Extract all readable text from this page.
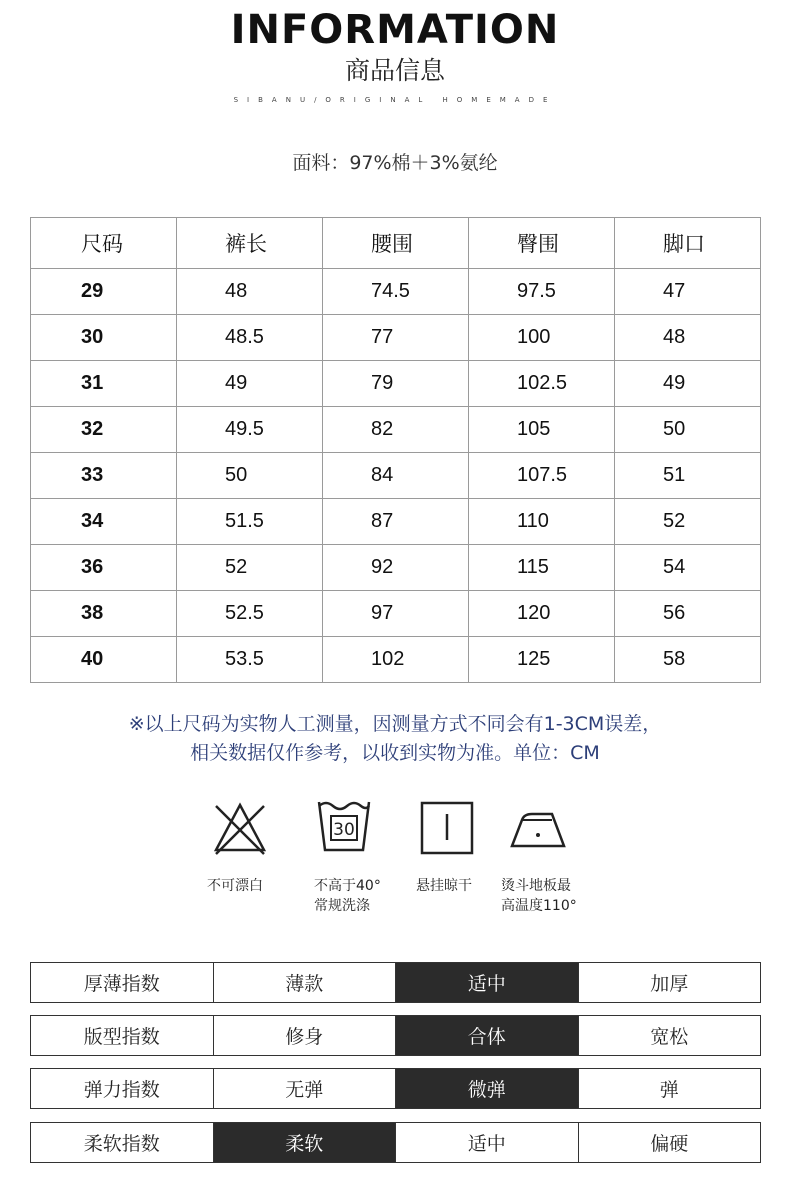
INFORMATION
商品信息
SIBANU/ORIGINAL HOMEMADE
面料：97%棉＋3%氨纶
尺码	裤长	腰围	臀围	脚口
29	48	74.5	97.5	47
30	48.5	77	100	48
31	49	79	102.5	49
32	49.5	82	105	50
33	50	84	107.5	51
34	51.5	87	110	52
36	52	92	115	54
38	52.5	97	120	56
40	53.5	102	125	58
※以上尺码为实物人工测量，因测量方式不同会有1-3CM误差，
相关数据仅作参考，以收到实物为准。单位：CM
不可漂白
30
不高于40°
常规洗涤
悬挂晾干 烫斗地板最
高温度110°
厚薄指数	薄款	适中	加厚
版型指数	修身	合体	宽松
弹力指数	无弹	微弹	弹
柔软指数	柔软	适中	偏硬
